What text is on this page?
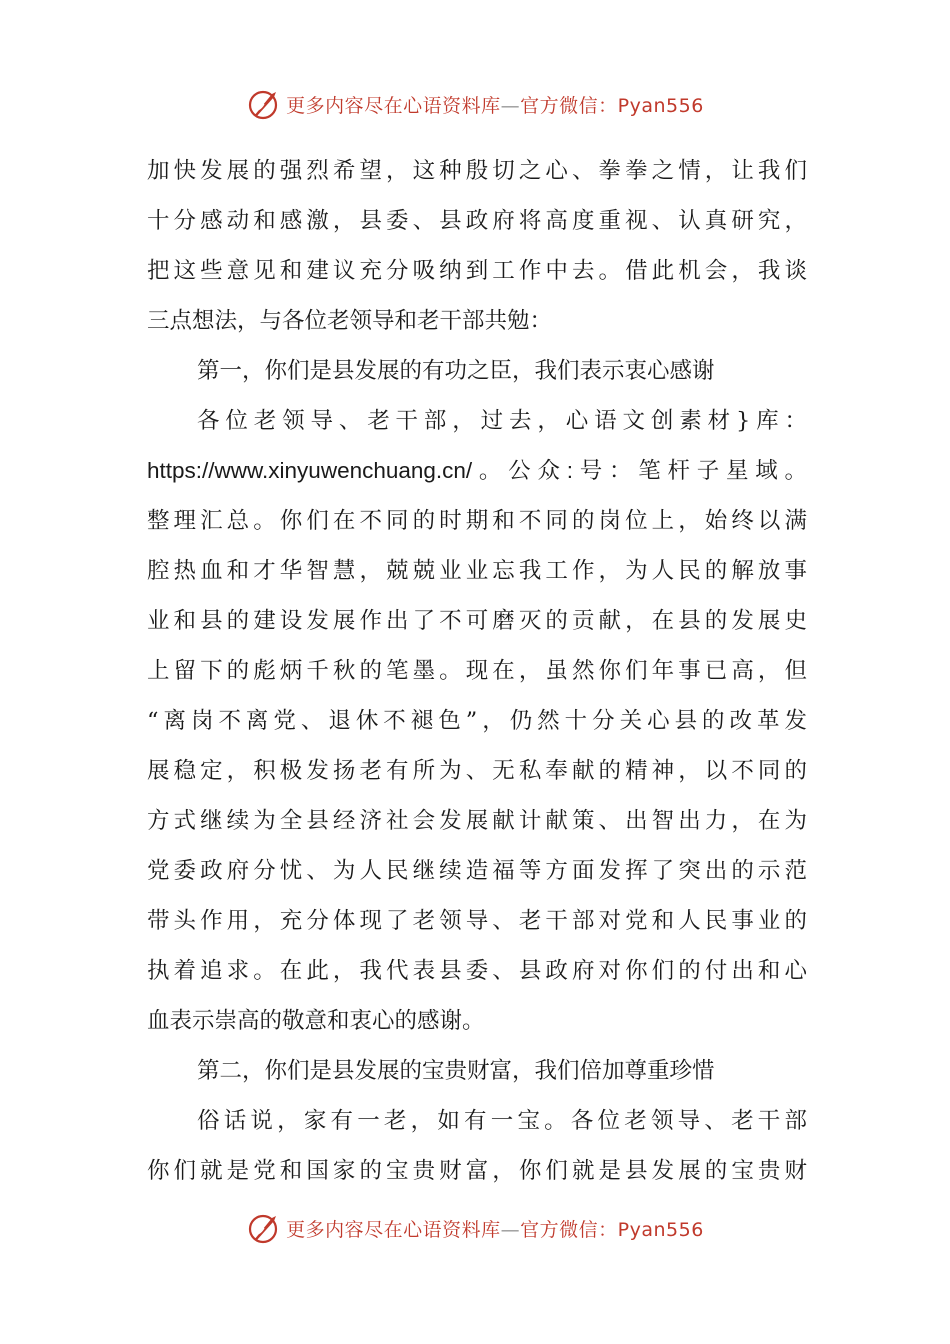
更多内容尽在心语资料库—官方微信：Pyan556
加快发展的强烈希望，这种殷切之心、拳拳之情，让我们
十分感动和感激，县委、县政府将高度重视、认真研究，
把这些意见和建议充分吸纳到工作中去。借此机会，我谈
三点想法，与各位老领导和老干部共勉：
第一，你们是县发展的有功之臣，我们表示衷心感谢
各位老领导、老干部，过去，心语文创素材}库：
https://www.xinyuwenchuang.cn/。公众:号：笔杆子星域。
整理汇总。你们在不同的时期和不同的岗位上，始终以满
腔热血和才华智慧，兢兢业业忘我工作，为人民的解放事
业和县的建设发展作出了不可磨灭的贡献，在县的发展史
上留下的彪炳千秋的笔墨。现在，虽然你们年事已高，但
“离岗不离党、退休不褪色”，仍然十分关心县的改革发
展稳定，积极发扬老有所为、无私奉献的精神，以不同的
方式继续为全县经济社会发展献计献策、出智出力，在为
党委政府分忧、为人民继续造福等方面发挥了突出的示范
带头作用，充分体现了老领导、老干部对党和人民事业的
执着追求。在此，我代表县委、县政府对你们的付出和心
血表示崇高的敬意和衷心的感谢。
第二，你们是县发展的宝贵财富，我们倍加尊重珍惜
俗话说，家有一老，如有一宝。各位老领导、老干部
你们就是党和国家的宝贵财富，你们就是县发展的宝贵财
更多内容尽在心语资料库—官方微信：Pyan556
